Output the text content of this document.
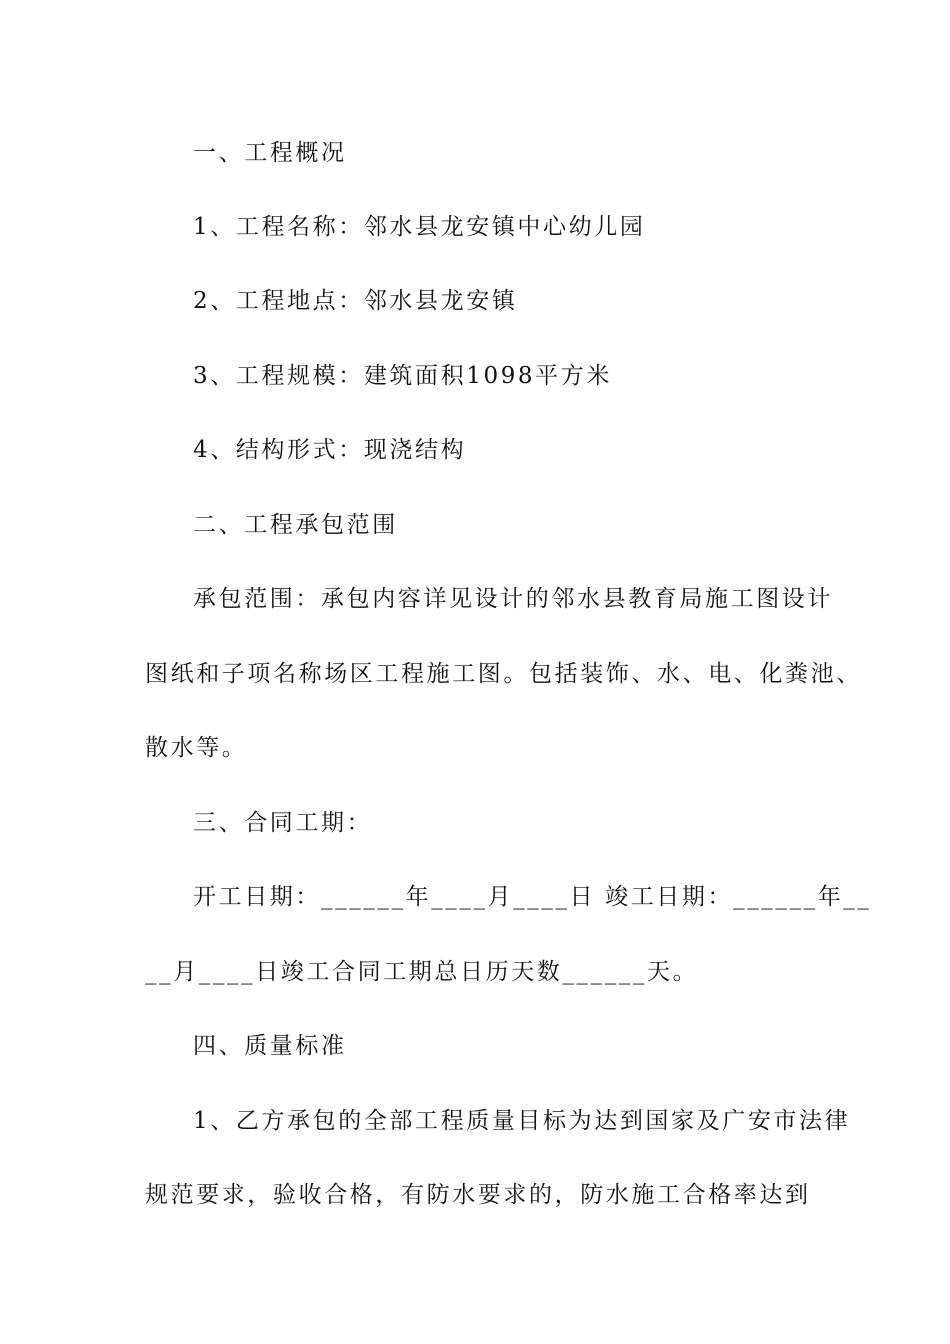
一、工程概况
1、工程名称：邻水县龙安镇中心幼儿园
2、工程地点：邻水县龙安镇
3、工程规模：建筑面积1098平方米
4、结构形式：现浇结构
二、工程承包范围
承包范围：承包内容详见设计的邻水县教育局施工图设计
图纸和子项名称场区工程施工图。包括装饰、水、电、化粪池、
散水等。
三、合同工期：
开工日期：______年____月____日 竣工日期：______年__
__月____日竣工合同工期总日历天数______天。
四、质量标准
1、乙方承包的全部工程质量目标为达到国家及广安市法律
规范要求，验收合格，有防水要求的，防水施工合格率达到
